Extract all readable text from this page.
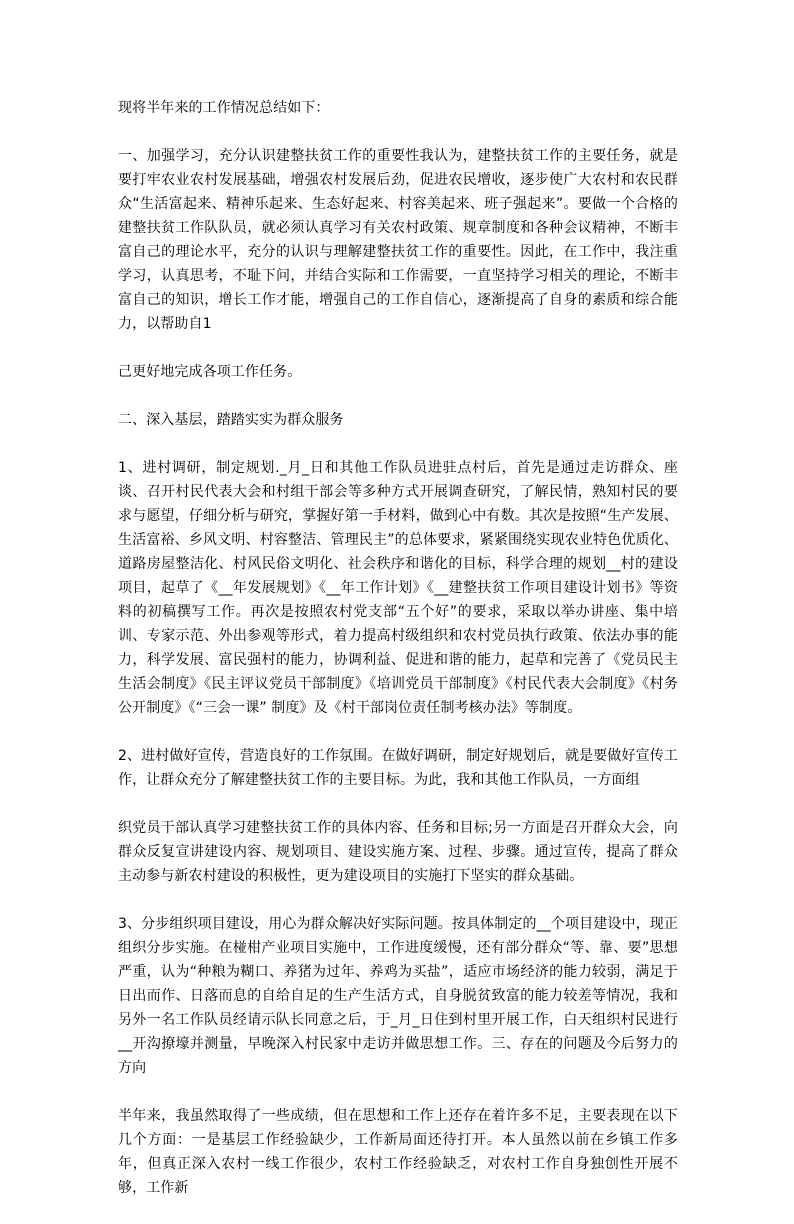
现将半年来的工作情况总结如下：

一、加强学习，充分认识建整扶贫工作的重要性我认为，建整扶贫工作的主要任务，就是要打牢农业农村发展基础，增强农村发展后劲，促进农民增收，逐步使广大农村和农民群众“生活富起来、精神乐起来、生态好起来、村容美起来、班子强起来”。要做一个合格的建整扶贫工作队队员，就必须认真学习有关农村政策、规章制度和各种会议精神，不断丰富自己的理论水平，充分的认识与理解建整扶贫工作的重要性。因此，在工作中，我注重学习，认真思考，不耻下问，并结合实际和工作需要，一直坚持学习相关的理论，不断丰富自己的知识，增长工作才能，增强自己的工作自信心，逐渐提高了自身的素质和综合能力，以帮助自1

己更好地完成各项工作任务。

二、深入基层，踏踏实实为群众服务

1、进村调研，制定规划._月_日和其他工作队员进驻点村后，首先是通过走访群众、座谈、召开村民代表大会和村组干部会等多种方式开展调查研究，了解民情，熟知村民的要求与愿望，仔细分析与研究，掌握好第一手材料，做到心中有数。其次是按照“生产发展、生活富裕、乡风文明、村容整洁、管理民主”的总体要求，紧紧围绕实现农业特色优质化、道路房屋整洁化、村风民俗文明化、社会秩序和谐化的目标，科学合理的规划__村的建设项目，起草了《__年发展规划》《__年工作计划》《__建整扶贫工作项目建设计划书》等资料的初稿撰写工作。再次是按照农村党支部“五个好”的要求，采取以举办讲座、集中培训、专家示范、外出参观等形式，着力提高村级组织和农村党员执行政策、依法办事的能力，科学发展、富民强村的能力，协调利益、促进和谐的能力，起草和完善了《党员民主生活会制度》《民主评议党员干部制度》《培训党员干部制度》《村民代表大会制度》《村务公开制度》《“三会一课” 制度》及《村干部岗位责任制考核办法》等制度。

2、进村做好宣传，营造良好的工作氛围。在做好调研，制定好规划后，就是要做好宣传工作，让群众充分了解建整扶贫工作的主要目标。为此，我和其他工作队员，一方面组

织党员干部认真学习建整扶贫工作的具体内容、任务和目标;另一方面是召开群众大会，向群众反复宣讲建设内容、规划项目、建设实施方案、过程、步骤。通过宣传，提高了群众主动参与新农村建设的积极性，更为建设项目的实施打下坚实的群众基础。

3、分步组织项目建设，用心为群众解决好实际问题。按具体制定的__个项目建设中，现正组织分步实施。在椪柑产业项目实施中，工作进度缓慢，还有部分群众“等、靠、要”思想严重，认为“种粮为糊口、养猪为过年、养鸡为买盐”，适应市场经济的能力较弱，满足于日出而作、日落而息的自给自足的生产生活方式，自身脱贫致富的能力较差等情况，我和另外一名工作队员经请示队长同意之后，于_月_日住到村里开展工作，白天组织村民进行__开沟撩壕并测量，早晚深入村民家中走访并做思想工作。三、存在的问题及今后努力的方向

半年来，我虽然取得了一些成绩，但在思想和工作上还存在着许多不足，主要表现在以下几个方面：一是基层工作经验缺少，工作新局面还待打开。本人虽然以前在乡镇工作多年，但真正深入农村一线工作很少，农村工作经验缺乏，对农村工作自身独创性开展不够，工作新
